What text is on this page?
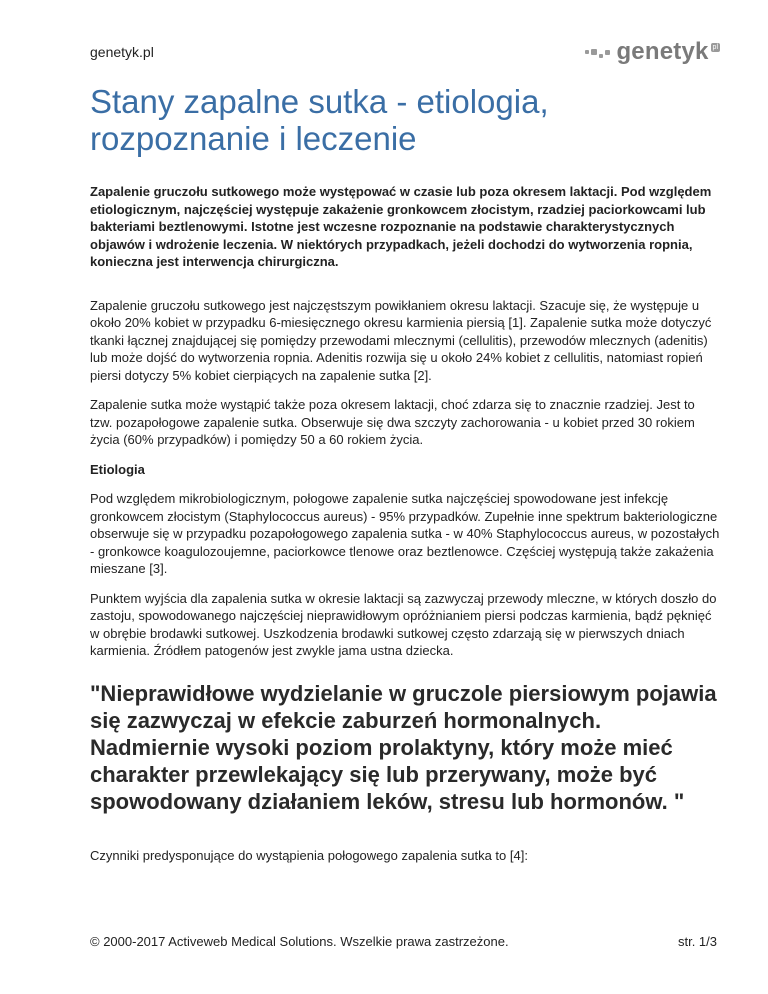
genetyk.pl	genetyk pl
Stany zapalne sutka - etiologia, rozpoznanie i leczenie

Zapalenie gruczołu sutkowego może występować w czasie lub poza okresem laktacji. Pod względem etiologicznym, najczęściej występuje zakażenie gronkowcem złocistym, rzadziej paciorkowcami lub bakteriami beztlenowymi. Istotne jest wczesne rozpoznanie na podstawie charakterystycznych objawów i wdrożenie leczenia. W niektórych przypadkach, jeżeli dochodzi do wytworzenia ropnia, konieczna jest interwencja chirurgiczna.

Zapalenie gruczołu sutkowego jest najczęstszym powikłaniem okresu laktacji. Szacuje się, że występuje u około 20% kobiet w przypadku 6-miesięcznego okresu karmienia piersią [1]. Zapalenie sutka może dotyczyć tkanki łącznej znajdującej się pomiędzy przewodami mlecznymi (cellulitis), przewodów mlecznych (adenitis) lub może dojść do wytworzenia ropnia. Adenitis rozwija się u około 24% kobiet z cellulitis, natomiast ropień piersi dotyczy 5% kobiet cierpiących na zapalenie sutka [2].

Zapalenie sutka może wystąpić także poza okresem laktacji, choć zdarza się to znacznie rzadziej. Jest to tzw. pozapołogowe zapalenie sutka. Obserwuje się dwa szczyty zachorowania - u kobiet przed 30 rokiem życia (60% przypadków) i pomiędzy 50 a 60 rokiem życia.

Etiologia

Pod względem mikrobiologicznym, połogowe zapalenie sutka najczęściej spowodowane jest infekcję gronkowcem złocistym (Staphylococcus aureus) - 95% przypadków. Zupełnie inne spektrum bakteriologiczne obserwuje się w przypadku pozapołogowego zapalenia sutka - w 40% Staphylococcus aureus, w pozostałych - gronkowce koagulozoujemne, paciorkowce tlenowe oraz beztlenowce. Częściej występują także zakażenia mieszane [3].

Punktem wyjścia dla zapalenia sutka w okresie laktacji są zazwyczaj przewody mleczne, w których doszło do zastoju, spowodowanego najczęściej nieprawidłowym opróżnianiem piersi podczas karmienia, bądź pęknięć w obrębie brodawki sutkowej. Uszkodzenia brodawki sutkowej często zdarzają się w pierwszych dniach karmienia. Źródłem patogenów jest zwykle jama ustna dziecka.

"Nieprawidłowe wydzielanie w gruczole piersiowym pojawia się zazwyczaj w efekcie zaburzeń hormonalnych. Nadmiernie wysoki poziom prolaktyny, który może mieć charakter przewlekający się lub przerywany, może być spowodowany działaniem leków, stresu lub hormonów. "

Czynniki predysponujące do wystąpienia połogowego zapalenia sutka to [4]:

© 2000-2017 Activeweb Medical Solutions. Wszelkie prawa zastrzeżone.	str. 1/3
